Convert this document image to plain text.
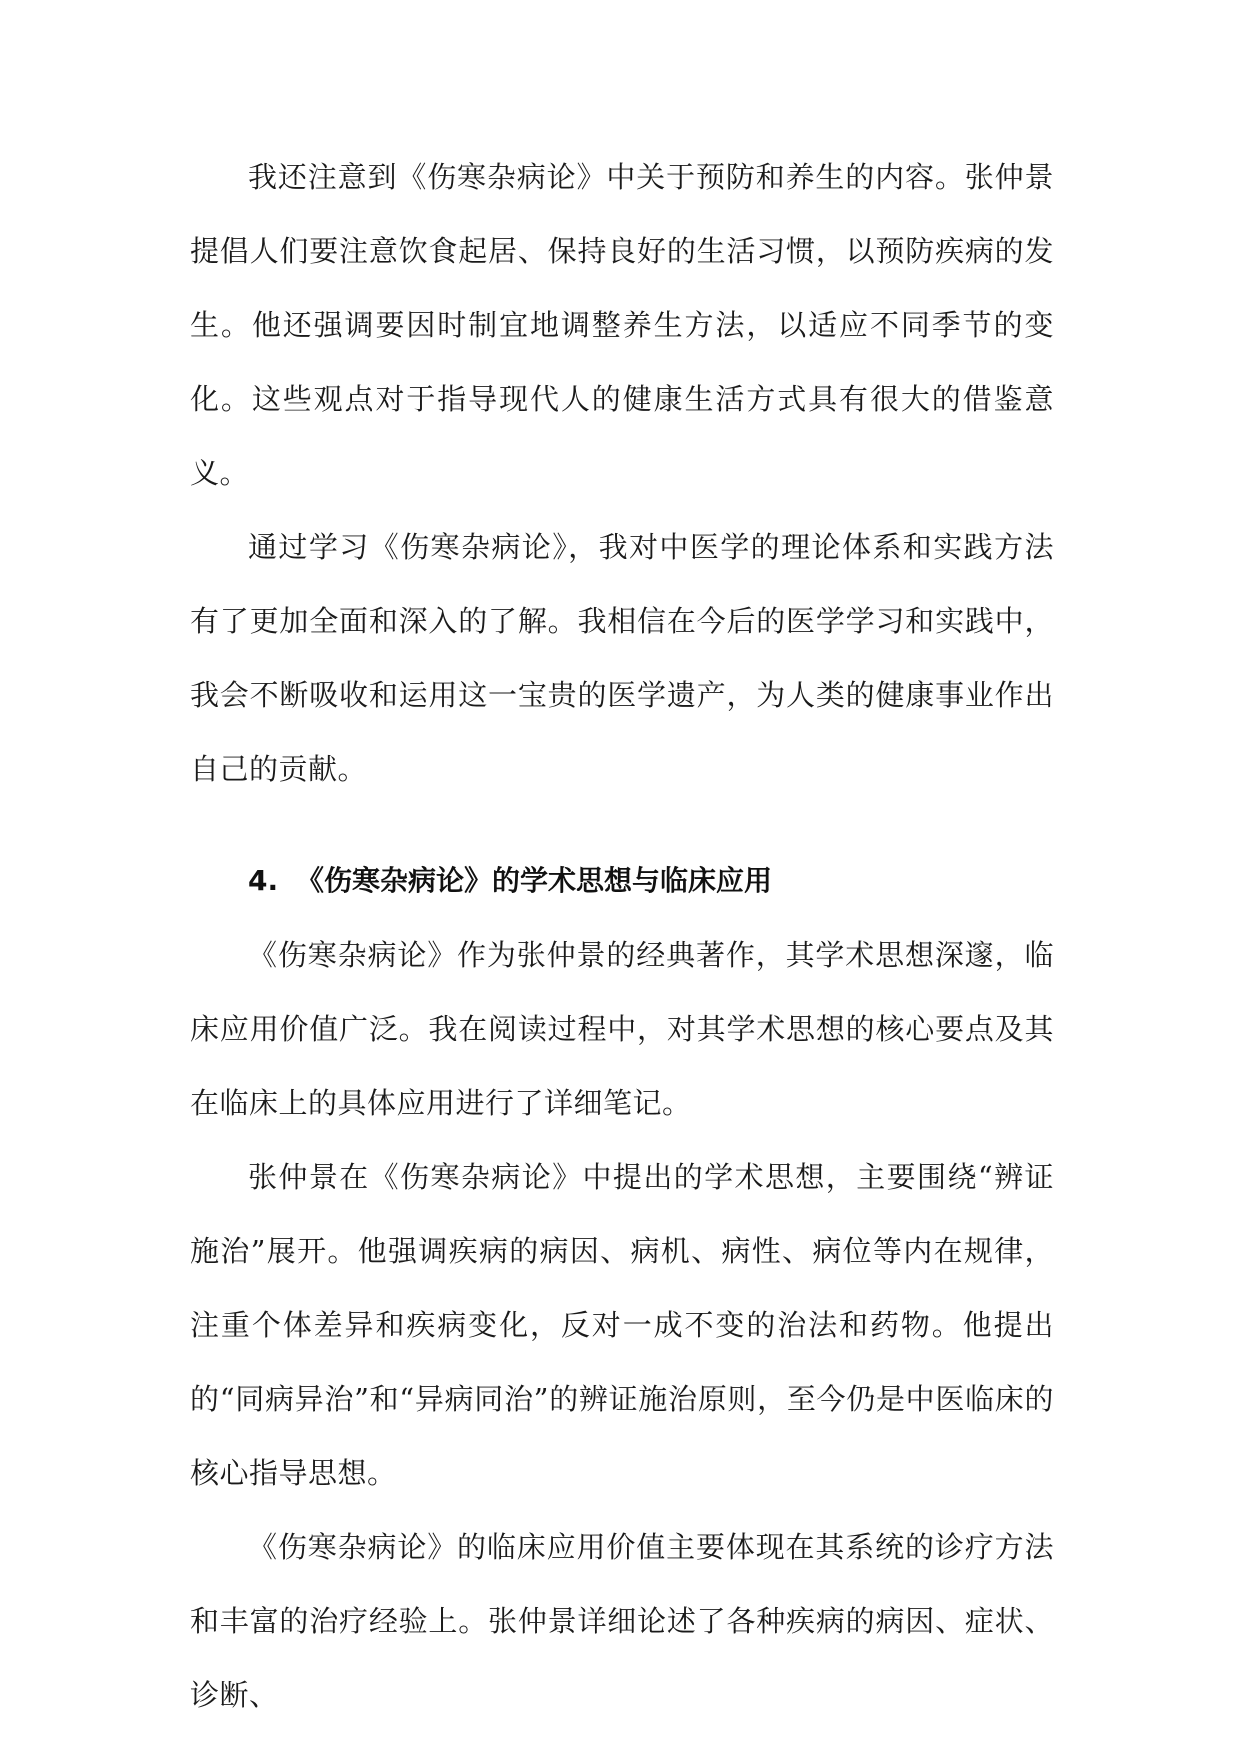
我还注意到《伤寒杂病论》中关于预防和养生的内容。张仲景提倡人们要注意饮食起居、保持良好的生活习惯，以预防疾病的发生。他还强调要因时制宜地调整养生方法，以适应不同季节的变化。这些观点对于指导现代人的健康生活方式具有很大的借鉴意义。

通过学习《伤寒杂病论》，我对中医学的理论体系和实践方法有了更加全面和深入的了解。我相信在今后的医学学习和实践中，我会不断吸收和运用这一宝贵的医学遗产，为人类的健康事业作出自己的贡献。

4. 《伤寒杂病论》的学术思想与临床应用

《伤寒杂病论》作为张仲景的经典著作，其学术思想深邃，临床应用价值广泛。我在阅读过程中，对其学术思想的核心要点及其在临床上的具体应用进行了详细笔记。

张仲景在《伤寒杂病论》中提出的学术思想，主要围绕“辨证施治”展开。他强调疾病的病因、病机、病性、病位等内在规律，注重个体差异和疾病变化，反对一成不变的治法和药物。他提出的“同病异治”和“异病同治”的辨证施治原则，至今仍是中医临床的核心指导思想。

《伤寒杂病论》的临床应用价值主要体现在其系统的诊疗方法和丰富的治疗经验上。张仲景详细论述了各种疾病的病因、症状、诊断、
